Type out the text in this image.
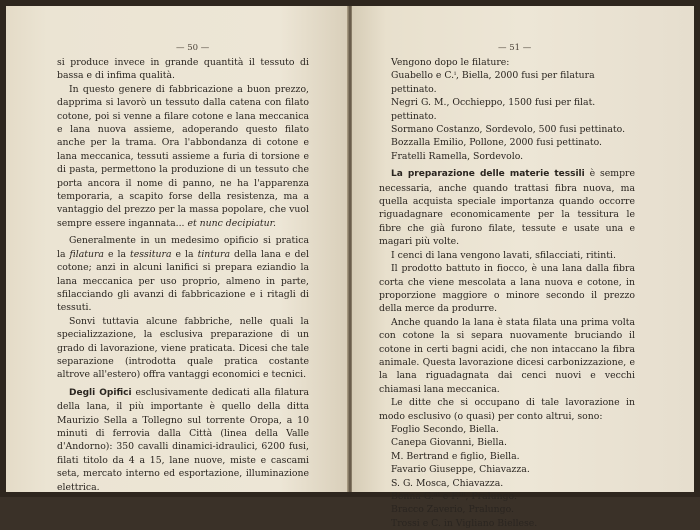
— 50 —

si produce invece in grande quantità il tessuto di bassa e di infima qualità.

In questo genere di fabbricazione a buon prezzo, dapprima si lavorò un tessuto dalla catena con filato cotone, poi si venne a filare cotone e lana meccanica e lana nuova assieme, adoperando questo filato anche per la trama. Ora l'abbondanza di cotone e lana meccanica, tessuti assieme a furia di torsione e di pasta, permettono la produzione di un tessuto che porta ancora il nome di panno, ne ha l'apparenza temporaria, a scapito forse della resistenza, ma a vantaggio del prezzo per la massa popolare, che vuol sempre essere ingannata... et nunc decipiatur.

Generalmente in un medesimo opificio si pratica la filatura e la tessitura e la tintura della lana e del cotone; anzi in alcuni lanifici si prepara eziandio la lana meccanica per uso proprio, almeno in parte, sfilacciando gli avanzi di fabbricazione e i ritagli di tessuti.

Sonvi tuttavia alcune fabbriche, nelle quali la specializzazione, la esclusiva preparazione di un grado di lavorazione, viene praticata. Dicesi che tale separazione (introdotta quale pratica costante altrove all'estero) offra vantaggi economici e tecnici.

Degli Opifici esclusivamente dedicati alla filatura della lana, il più importante è quello della ditta Maurizio Sella a Tollegno sul torrente Oropa, a 10 minuti di ferrovia dalla Città (linea della Valle d'Andorno): 350 cavalli dinamici-idraulici, 6200 fusi, filati titolo da 4 a 15, lane nuove, miste e cascami seta, mercato interno ed esportazione, illuminazione elettrica.

— 51 —

Vengono dopo le filature:

Guabello e C.ⁱ, Biella, 2000 fusi per filatura pettinato.

Negri G. M., Occhieppo, 1500 fusi per filat. pettinato.

Sormano Costanzo, Sordevolo, 500 fusi pettinato.

Bozzalla Emilio, Pollone, 2000 fusi pettinato.

Fratelli Ramella, Sordevolo.

La preparazione delle materie tessili è sempre necessaria, anche quando trattasi fibra nuova, ma quella acquista speciale importanza quando occorre riguadagnare economicamente per la tessitura le fibre che già furono filate, tessute e usate una e magari più volte.

I cenci di lana vengono lavati, sfilacciati, ritinti.

Il prodotto battuto in fiocco, è una lana dalla fibra corta che viene mescolata a lana nuova e cotone, in proporzione maggiore o minore secondo il prezzo della merce da produrre.

Anche quando la lana è stata filata una prima volta con cotone la si separa nuovamente bruciando il cotone in certi bagni acidi, che non intaccano la fibra animale. Questa lavorazione dicesi carbonizzazione, e la lana riguadagnata dai cenci nuovi e vecchi chiamasi lana meccanica.

Le ditte che si occupano di tale lavorazione in modo esclusivo (o quasi) per conto altrui, sono:

Foglio Secondo, Biella.

Canepa Giovanni, Biella.

M. Bertrand e figlio, Biella.

Favario Giuseppe, Chiavazza.

S. G. Mosca, Chiavazza.

Benna G.ⁿⁱ e F.ˡˡⁱ, Pralungo.

Bracco Zaverio, Pralungo.

Trossi e C. in Vigliano Biellese.
